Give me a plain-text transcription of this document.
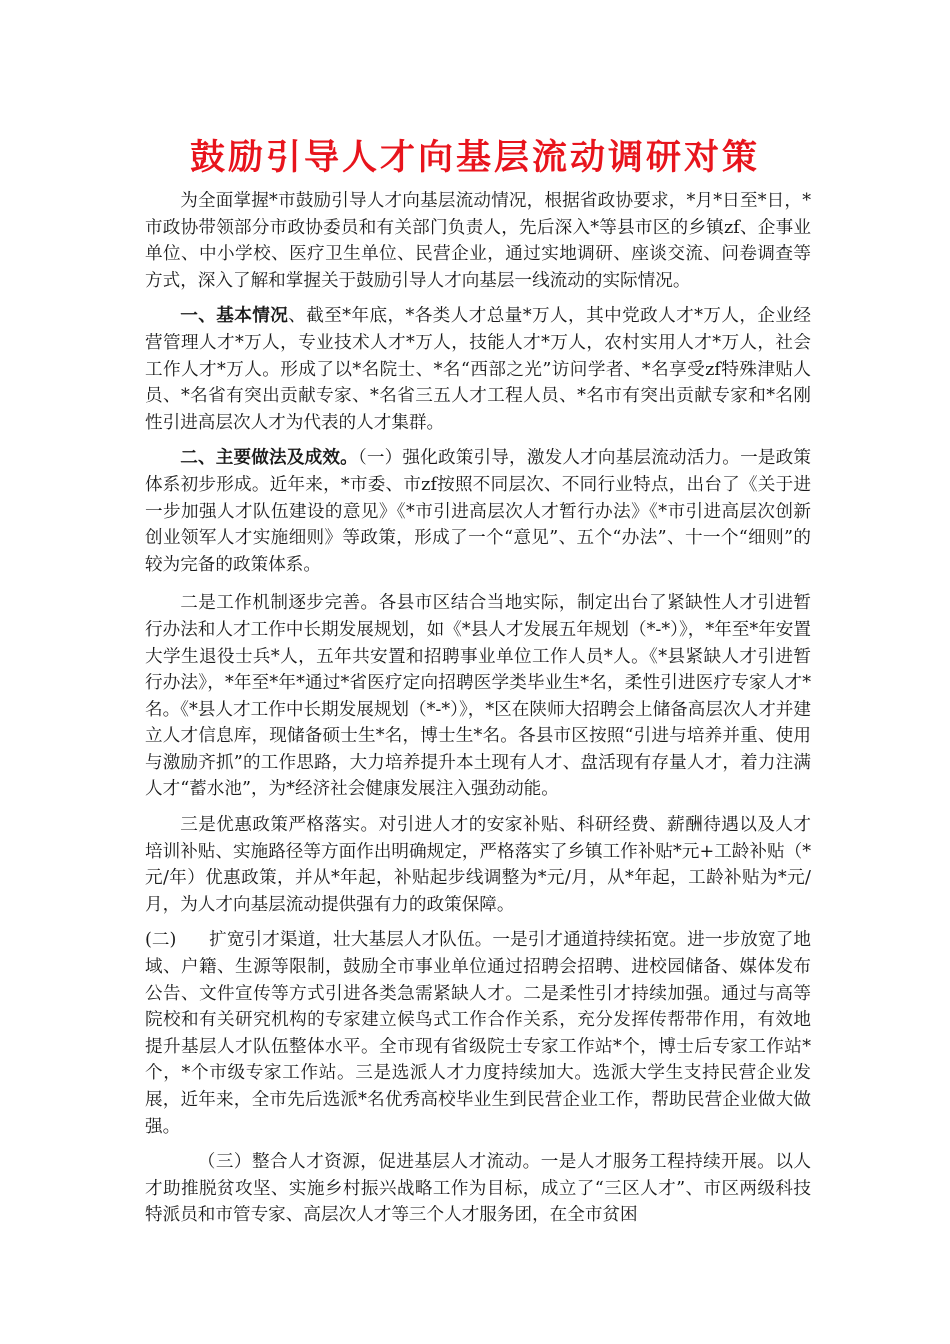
鼓励引导人才向基层流动调研对策

为全面掌握*市鼓励引导人才向基层流动情况，根据省政协要求，*月*日至*日，*市政协带领部分市政协委员和有关部门负责人，先后深入*等县市区的乡镇zf、企事业单位、中小学校、医疗卫生单位、民营企业，通过实地调研、座谈交流、问卷调查等方式，深入了解和掌握关于鼓励引导人才向基层一线流动的实际情况。

一、基本情况、截至*年底，*各类人才总量*万人，其中党政人才*万人，企业经营管理人才*万人，专业技术人才*万人，技能人才*万人，农村实用人才*万人，社会工作人才*万人。形成了以*名院士、*名“西部之光”访问学者、*名享受zf特殊津贴人员、*名省有突出贡献专家、*名省三五人才工程人员、*名市有突出贡献专家和*名刚性引进高层次人才为代表的人才集群。

二、主要做法及成效。（一）强化政策引导，激发人才向基层流动活力。一是政策体系初步形成。近年来，*市委、市zf按照不同层次、不同行业特点，出台了《关于进一步加强人才队伍建设的意见》《*市引进高层次人才暂行办法》《*市引进高层次创新创业领军人才实施细则》等政策，形成了一个“意见”、五个“办法”、十一个“细则”的较为完备的政策体系。

二是工作机制逐步完善。各县市区结合当地实际，制定出台了紧缺性人才引进暂行办法和人才工作中长期发展规划，如《*县人才发展五年规划（*-*）》，*年至*年安置大学生退役士兵*人，五年共安置和招聘事业单位工作人员*人。《*县紧缺人才引进暂行办法》，*年至*年*通过*省医疗定向招聘医学类毕业生*名，柔性引进医疗专家人才*名。《*县人才工作中长期发展规划（*-*）》，*区在陕师大招聘会上储备高层次人才并建立人才信息库，现储备硕士生*名，博士生*名。各县市区按照“引进与培养并重、使用与激励齐抓”的工作思路，大力培养提升本土现有人才、盘活现有存量人才，着力注满人才“蓄水池”，为*经济社会健康发展注入强劲动能。

三是优惠政策严格落实。对引进人才的安家补贴、科研经费、薪酬待遇以及人才培训补贴、实施路径等方面作出明确规定，严格落实了乡镇工作补贴*元+工龄补贴（*元/年）优惠政策，并从*年起，补贴起步线调整为*元/月，从*年起，工龄补贴为*元/月，为人才向基层流动提供强有力的政策保障。

(二) 扩宽引才渠道，壮大基层人才队伍。一是引才通道持续拓宽。进一步放宽了地域、户籍、生源等限制，鼓励全市事业单位通过招聘会招聘、进校园储备、媒体发布公告、文件宣传等方式引进各类急需紧缺人才。二是柔性引才持续加强。通过与高等院校和有关研究机构的专家建立候鸟式工作合作关系，充分发挥传帮带作用，有效地提升基层人才队伍整体水平。全市现有省级院士专家工作站*个，博士后专家工作站*个，*个市级专家工作站。三是选派人才力度持续加大。选派大学生支持民营企业发展，近年来，全市先后选派*名优秀高校毕业生到民营企业工作，帮助民营企业做大做强。

（三）整合人才资源，促进基层人才流动。一是人才服务工程持续开展。以人才助推脱贫攻坚、实施乡村振兴战略工作为目标，成立了“三区人才”、市区两级科技特派员和市管专家、高层次人才等三个人才服务团，在全市贫困
